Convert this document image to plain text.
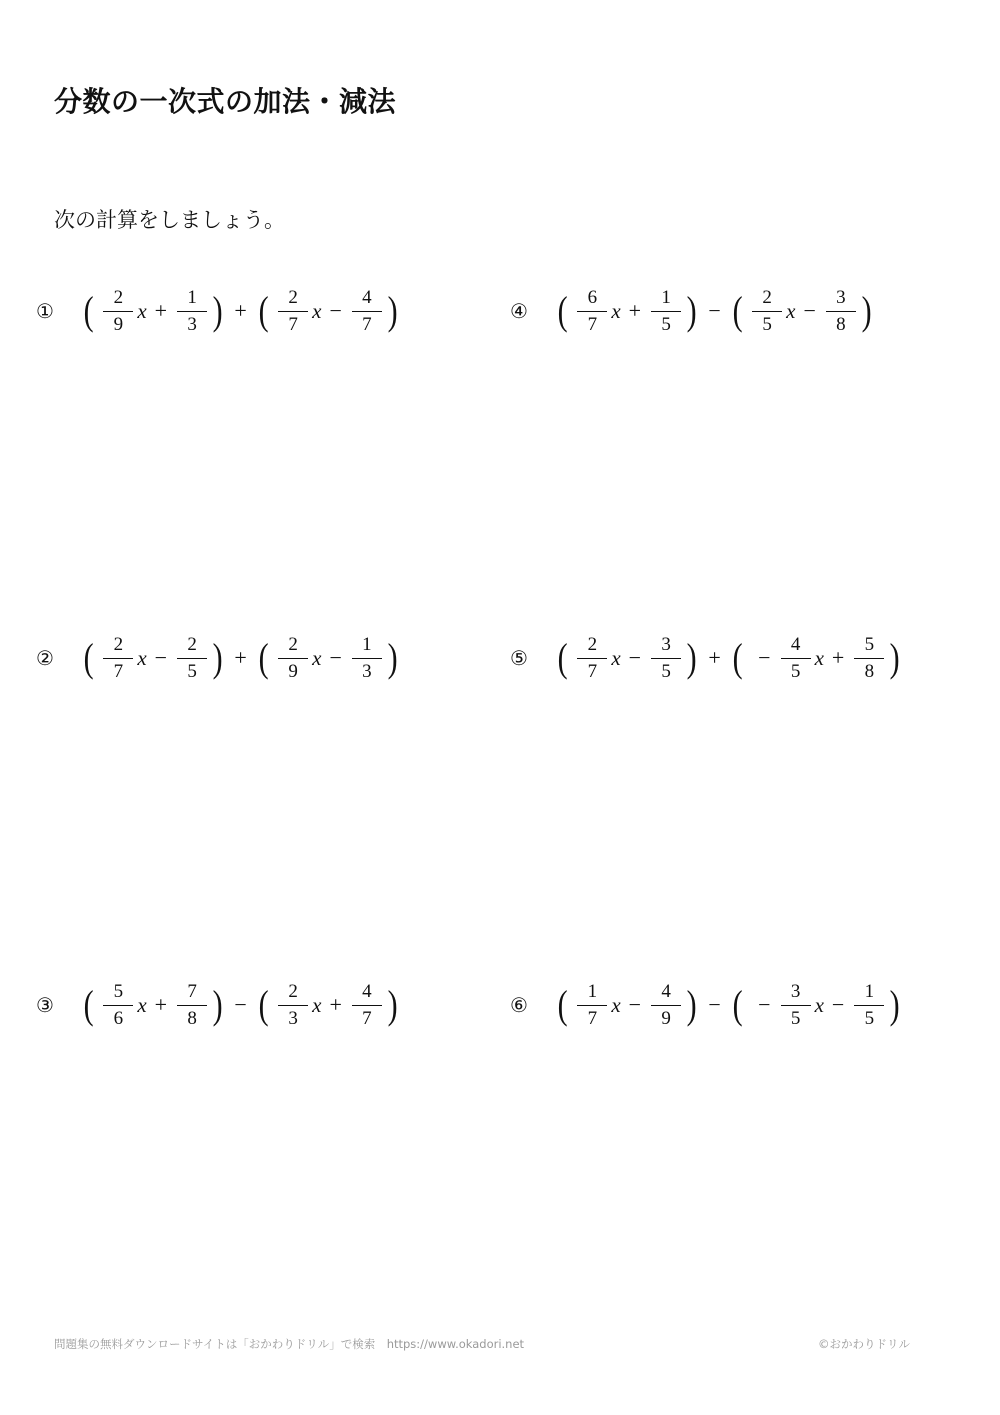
分数の一次式の加法・減法
次の計算をしましょう。
① ( $\frac{2}{9}$ $x + \frac{1}{3}$ ) + ( $\frac{2}{7}$ $x - \frac{4}{7}$ )
② ( $\frac{2}{7}$ $x - \frac{2}{5}$ ) + ( $\frac{2}{9}$ $x - \frac{1}{3}$ )
③ ( $\frac{5}{6}$ $x + \frac{7}{8}$ ) − ( $\frac{2}{3}$ $x + \frac{4}{7}$ )
④ ( $\frac{6}{7}$ $x + \frac{1}{5}$ ) − ( $\frac{2}{5}$ $x - \frac{3}{8}$ )
⑤ ( $\frac{2}{7}$ $x - \frac{3}{5}$ ) + ( − $\frac{4}{5}$ $x + \frac{5}{8}$ )
⑥ ( $\frac{1}{7}$ $x - \frac{4}{9}$ ) − ( − $\frac{3}{5}$ $x - \frac{1}{5}$ )
問題集の無料ダウンロードサイトは「おかわりドリル」で検索　https://www.okadori.net	©おかわりドリル
